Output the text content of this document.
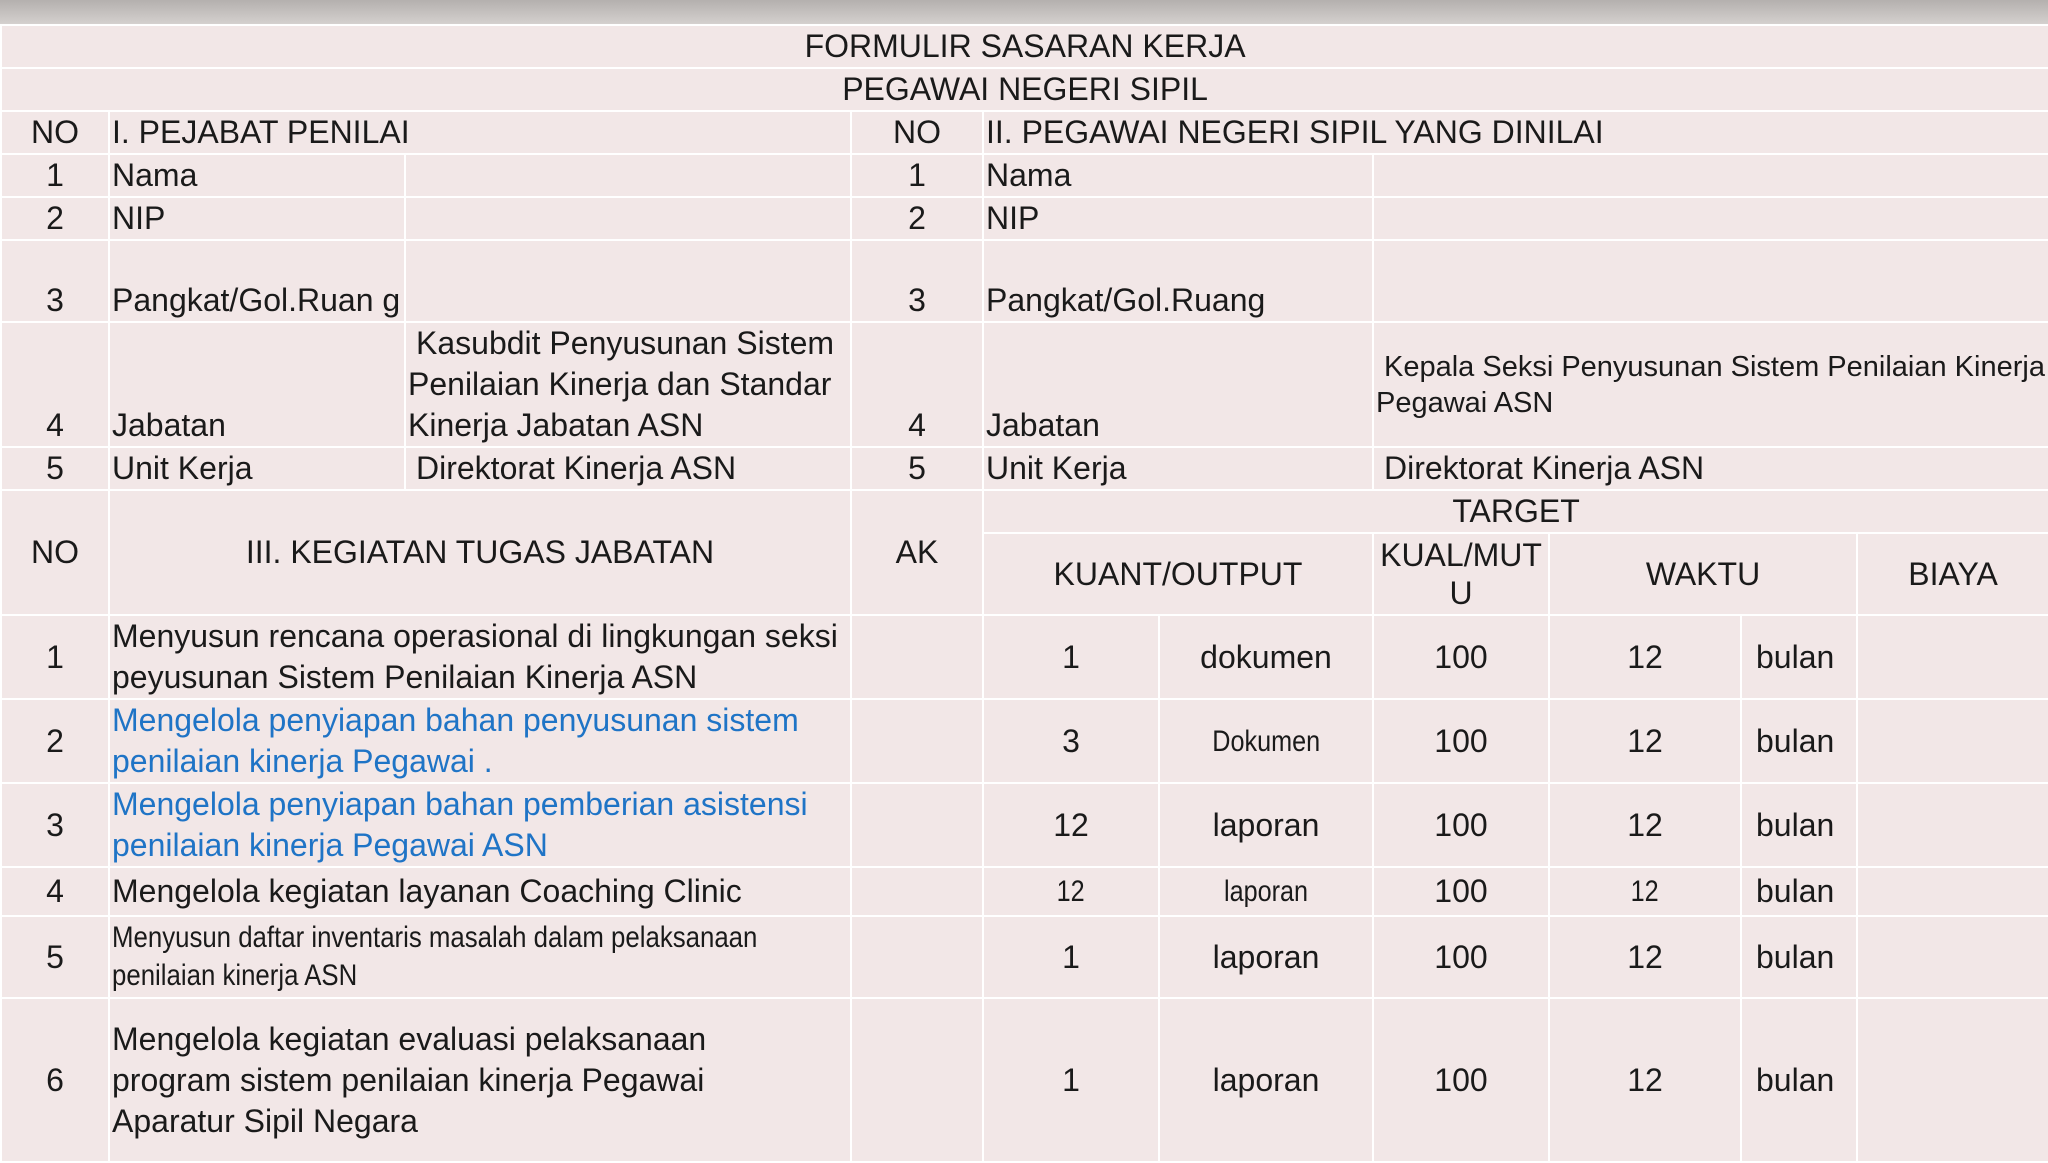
FORMULIR SASARAN KERJA									
PEGAWAI NEGERI SIPIL									
NO	I. PEJABAT PENILAI		NO	II. PEGAWAI NEGERI SIPIL YANG DINILAI					
1	Nama		1	Nama					
2	NIP		2	NIP					
3	Pangkat/Gol.Ruan g		3	Pangkat/Gol.Ruang					
4	Jabatan	Kasubdit Penyusunan Sistem Penilaian Kinerja dan Standar Kinerja Jabatan ASN	4	Jabatan		Kepala Seksi Penyusunan Sistem Penilaian Kinerja Pegawai ASN			
5	Unit Kerja	Direktorat Kinerja ASN	5	Unit Kerja		Direktorat Kinerja ASN			
NO	III. KEGIATAN TUGAS JABATAN		AK	TARGET					
				KUANT/OUTPUT		KUAL/MUT U	WAKTU		BIAYA
1	Menyusun rencana operasional di lingkungan seksi peyusunan Sistem Penilaian Kinerja ASN			1	dokumen	100	12	bulan	
2	Mengelola penyiapan bahan penyusunan sistem penilaian kinerja Pegawai .			3	Dokumen	100	12	bulan	
3	Mengelola penyiapan bahan pemberian asistensi penilaian kinerja Pegawai ASN			12	laporan	100	12	bulan	
4	Mengelola kegiatan layanan Coaching Clinic			12	laporan	100	12	bulan	
5	Menyusun daftar inventaris masalah dalam pelaksanaan penilaian kinerja ASN			1	laporan	100	12	bulan	
6	Mengelola kegiatan evaluasi pelaksanaan program sistem penilaian kinerja Pegawai Aparatur Sipil Negara			1	laporan	100	12	bulan	
